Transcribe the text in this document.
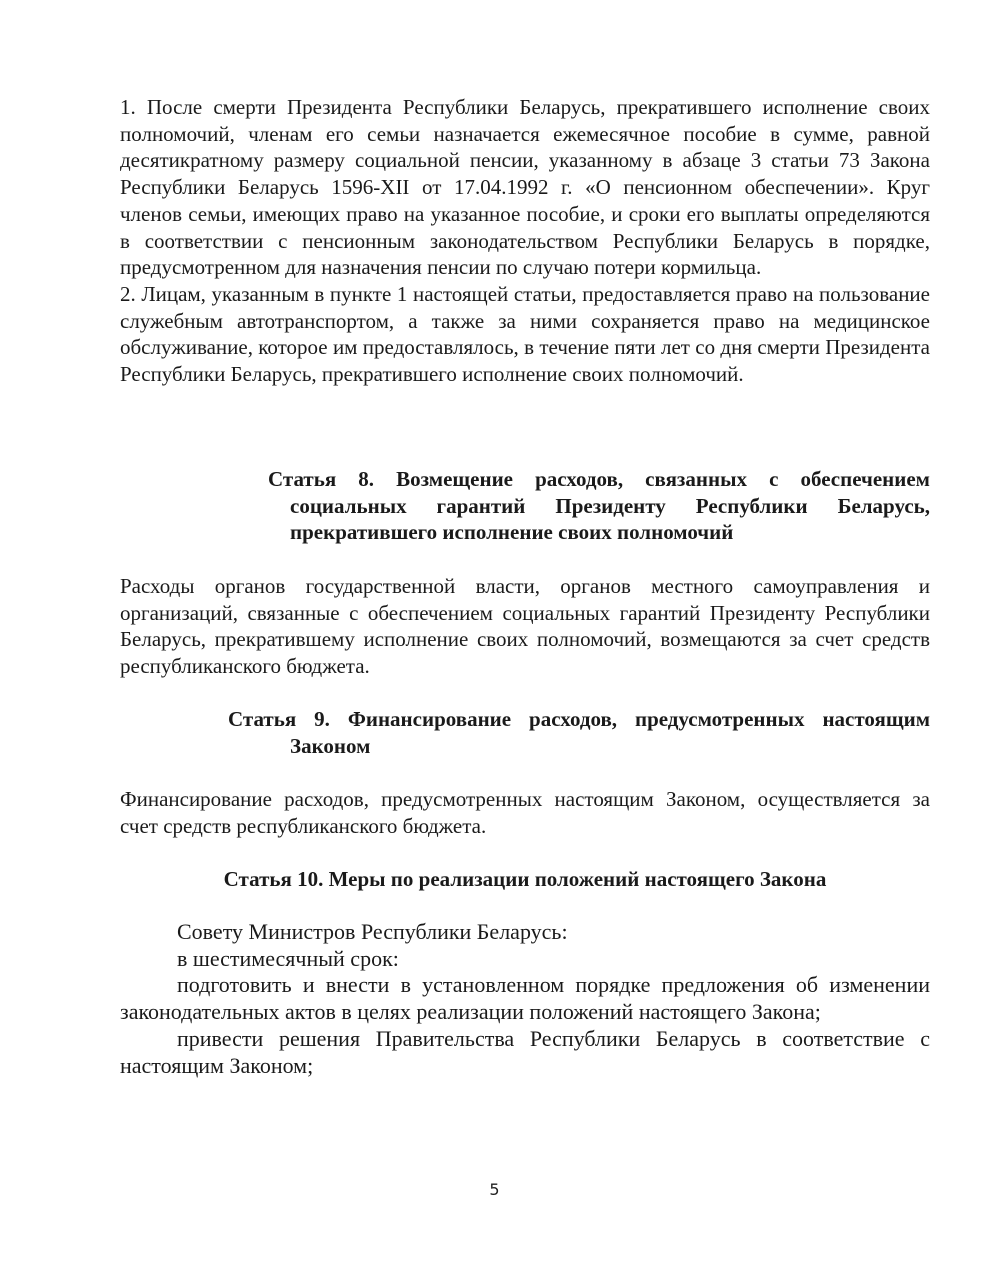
1. После смерти Президента Республики Беларусь, прекратившего исполнение своих полномочий, членам его семьи назначается ежемесячное пособие в сумме, равной десятикратному размеру социальной пенсии, указанному в абзаце 3 статьи 73 Закона Республики Беларусь 1596-XII от 17.04.1992 г. «О пенсионном обеспечении». Круг членов семьи, имеющих право на указанное пособие, и сроки его выплаты определяются в соответствии с пенсионным законодательством Республики Беларусь в порядке, предусмотренном для назначения пенсии по случаю потери кормильца.

2. Лицам, указанным в пункте 1 настоящей статьи, предоставляется право на пользование служебным автотранспортом, а также за ними сохраняется право на медицинское обслуживание, которое им предоставлялось, в течение пяти лет со дня смерти Президента Республики Беларусь, прекратившего исполнение своих полномочий.

Статья 8. Возмещение расходов, связанных с обеспечением социальных гарантий Президенту Республики Беларусь, прекратившего исполнение своих полномочий

Расходы органов государственной власти, органов местного самоуправления и организаций, связанные с обеспечением социальных гарантий Президенту Республики Беларусь, прекратившему исполнение своих полномочий, возмещаются за счет средств республиканского бюджета.

Статья 9. Финансирование расходов, предусмотренных настоящим Законом

Финансирование расходов, предусмотренных настоящим Законом, осуществляется за счет средств республиканского бюджета.

Статья 10. Меры по реализации положений настоящего Закона

Совету Министров Республики Беларусь:

в шестимесячный срок:

подготовить и внести в установленном порядке предложения об изменении законодательных актов в целях реализации положений настоящего Закона;

привести решения Правительства Республики Беларусь в соответствие с настоящим Законом;

5
